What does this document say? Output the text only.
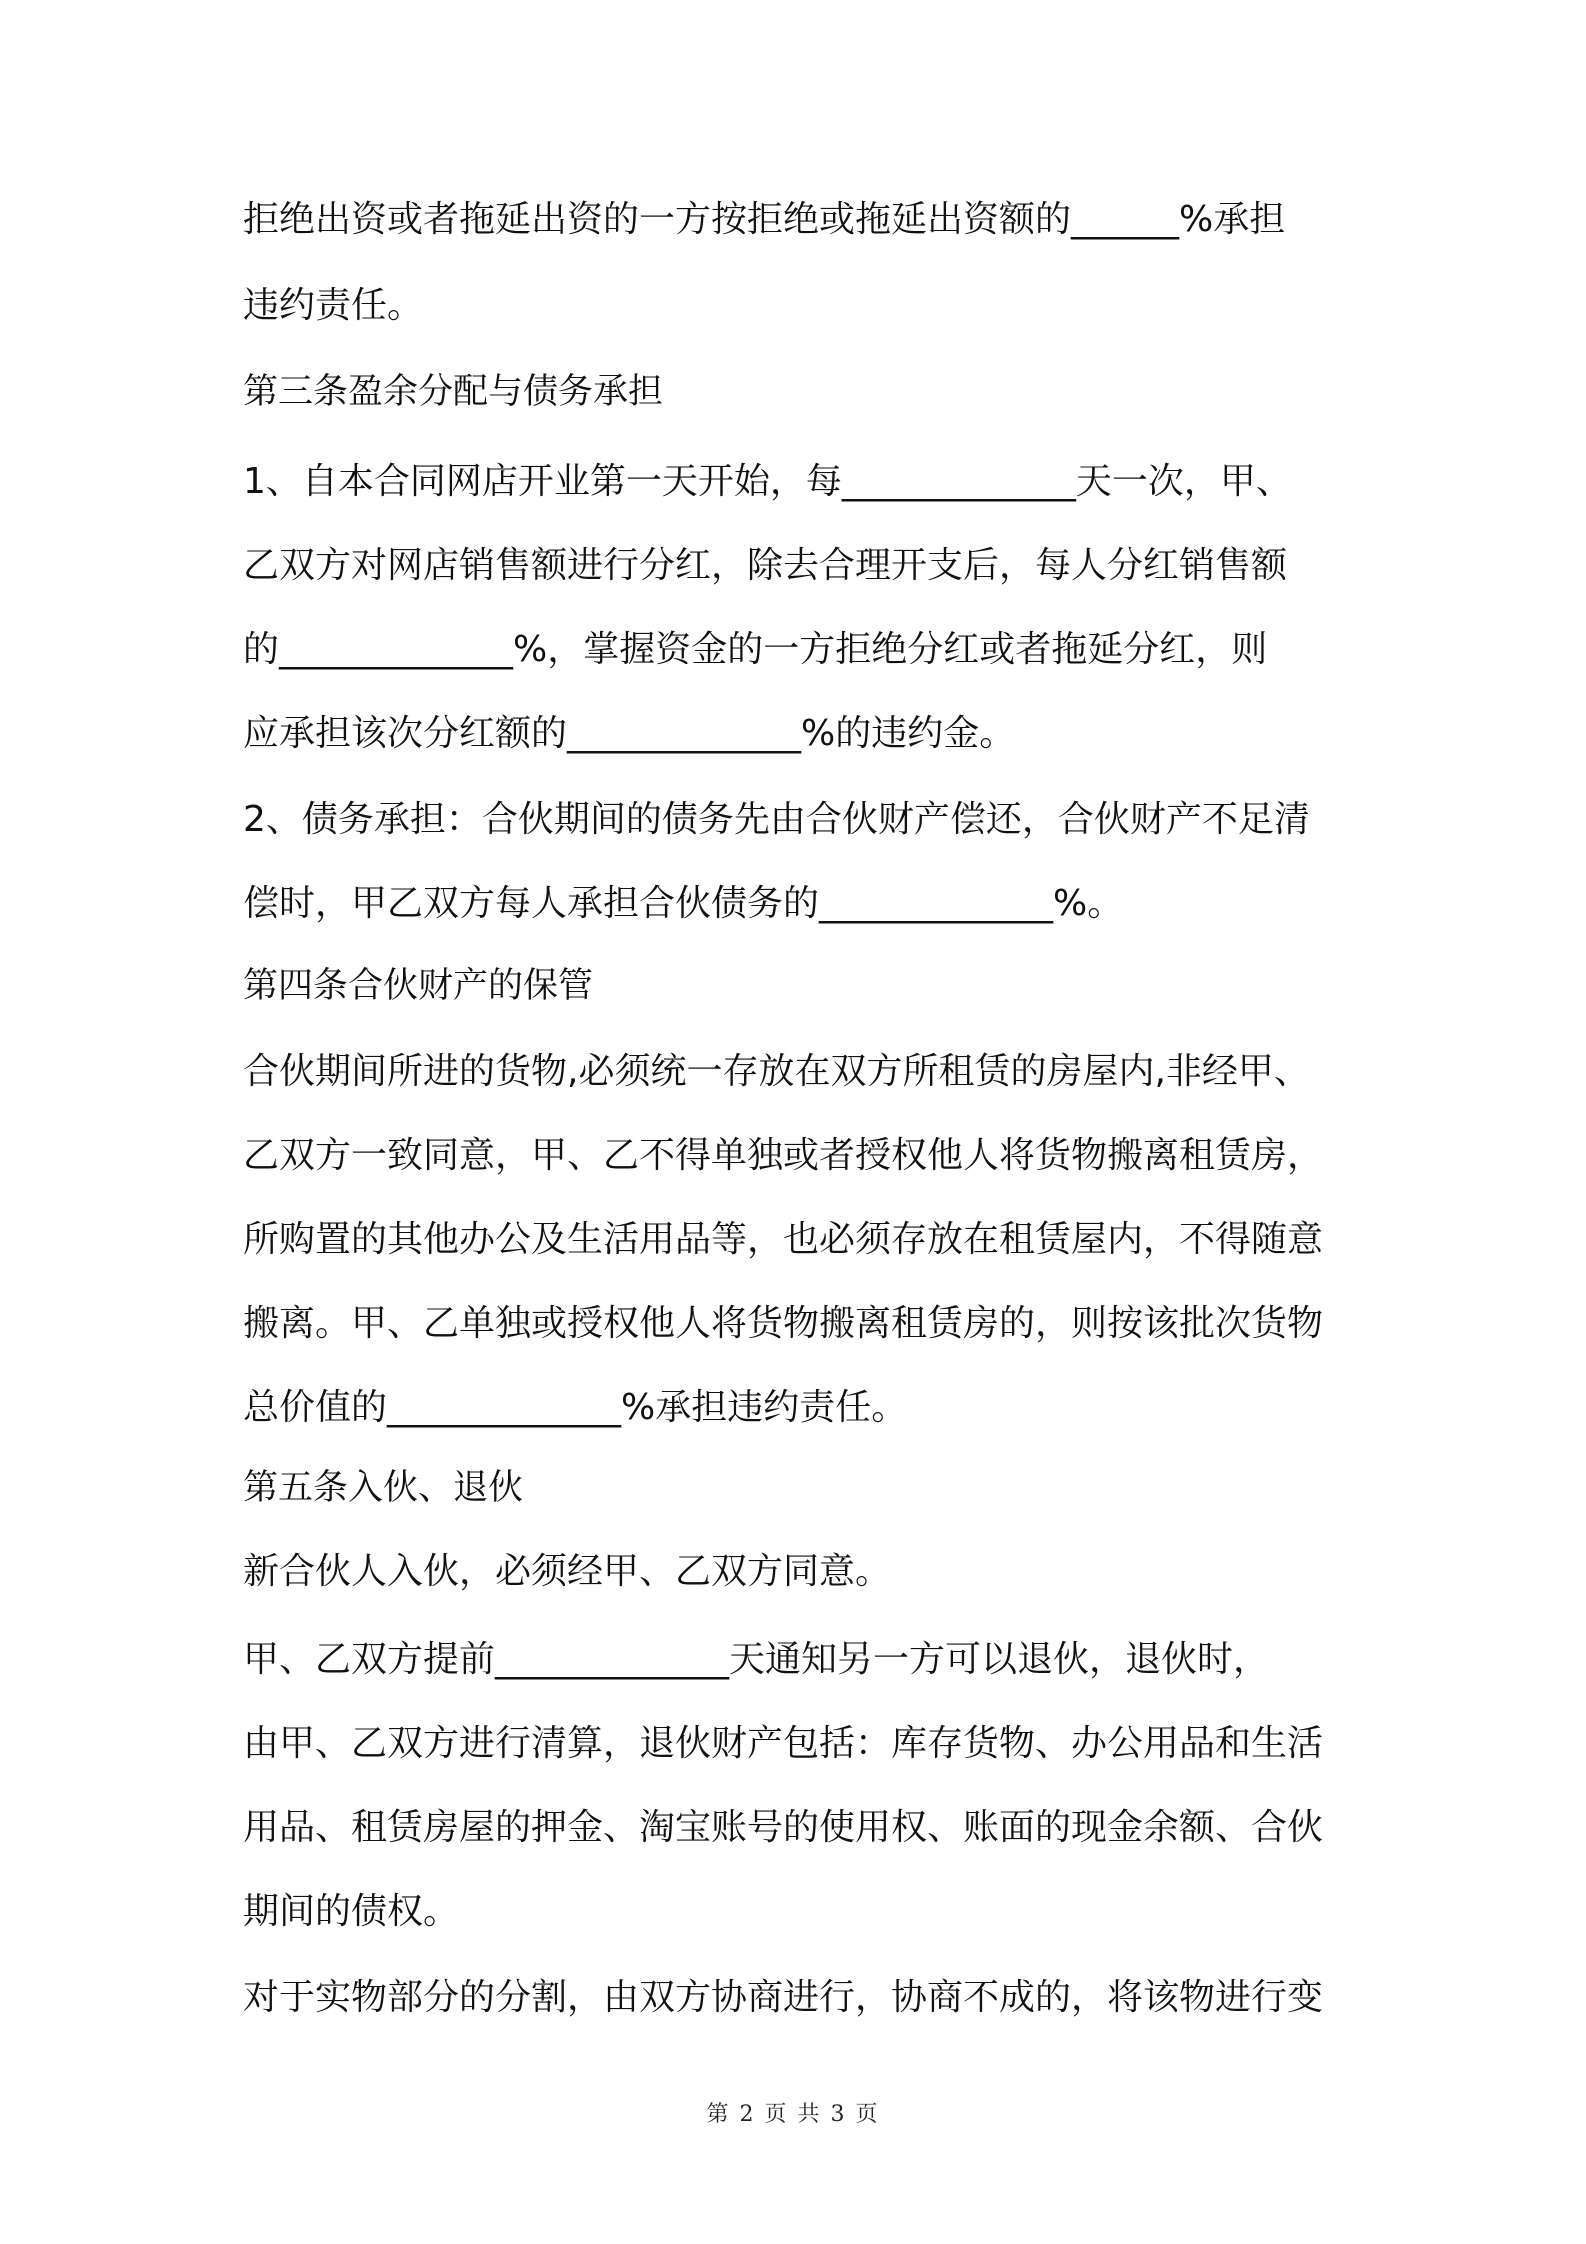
拒绝出资或者拖延出资的一方按拒绝或拖延出资额的______%承担
违约责任。
第三条盈余分配与债务承担
1、自本合同网店开业第一天开始，每_____________天一次，甲、
乙双方对网店销售额进行分红，除去合理开支后，每人分红销售额
的_____________%，掌握资金的一方拒绝分红或者拖延分红，则
应承担该次分红额的_____________%的违约金。
2、债务承担：合伙期间的债务先由合伙财产偿还，合伙财产不足清
偿时，甲乙双方每人承担合伙债务的_____________%。
第四条合伙财产的保管
合伙期间所进的货物,必须统一存放在双方所租赁的房屋内,非经甲、
乙双方一致同意，甲、乙不得单独或者授权他人将货物搬离租赁房，
所购置的其他办公及生活用品等，也必须存放在租赁屋内，不得随意
搬离。甲、乙单独或授权他人将货物搬离租赁房的，则按该批次货物
总价值的_____________%承担违约责任。
第五条入伙、退伙
新合伙人入伙，必须经甲、乙双方同意。
甲、乙双方提前_____________天通知另一方可以退伙，退伙时，
由甲、乙双方进行清算，退伙财产包括：库存货物、办公用品和生活
用品、租赁房屋的押金、淘宝账号的使用权、账面的现金余额、合伙
期间的债权。
对于实物部分的分割，由双方协商进行，协商不成的，将该物进行变
第 2 页 共 3 页
